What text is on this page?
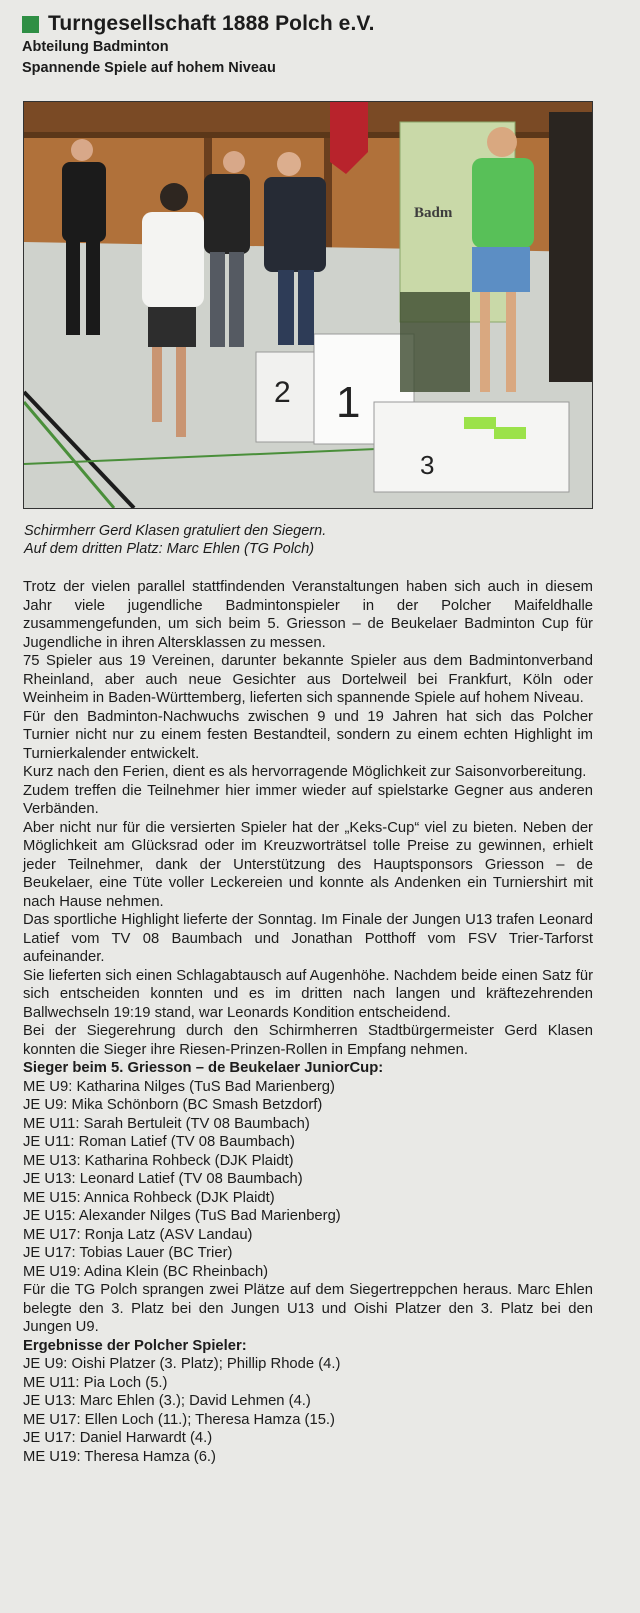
Turngesellschaft 1888 Polch e.V.
Abteilung Badminton
Spannende Spiele auf hohem Niveau
Badm
1
2
3
Schirmherr Gerd Klasen gratuliert den Siegern.
Auf dem dritten Platz: Marc Ehlen (TG Polch)

Trotz der vielen parallel stattfindenden Veranstaltungen haben sich auch in diesem Jahr viele jugendliche Badmintonspieler in der Polcher Maifeldhalle zusammengefunden, um sich beim 5. Griesson – de Beukelaer Badminton Cup für Jugendliche in ihren Altersklassen zu messen.

75 Spieler aus 19 Vereinen, darunter bekannte Spieler aus dem Badmintonverband Rheinland, aber auch neue Gesichter aus Dortelweil bei Frankfurt, Köln oder Weinheim in Baden-Württemberg, lieferten sich spannende Spiele auf hohem Niveau.

Für den Badminton-Nachwuchs zwischen 9 und 19 Jahren hat sich das Polcher Turnier nicht nur zu einem festen Bestandteil, sondern zu einem echten Highlight im Turnierkalender entwickelt.

Kurz nach den Ferien, dient es als hervorragende Möglichkeit zur Saisonvorbereitung.

Zudem treffen die Teilnehmer hier immer wieder auf spielstarke Gegner aus anderen Verbänden.

Aber nicht nur für die versierten Spieler hat der „Keks-Cup“ viel zu bieten. Neben der Möglichkeit am Glücksrad oder im Kreuzworträtsel tolle Preise zu gewinnen, erhielt jeder Teilnehmer, dank der Unterstützung des Hauptsponsors Griesson – de Beukelaer, eine Tüte voller Leckereien und konnte als Andenken ein Turniershirt mit nach Hause nehmen.

Das sportliche Highlight lieferte der Sonntag. Im Finale der Jungen U13 trafen Leonard Latief vom TV 08 Baumbach und Jonathan Potthoff vom FSV Trier-Tarforst aufeinander.

Sie lieferten sich einen Schlagabtausch auf Augenhöhe. Nachdem beide einen Satz für sich entscheiden konnten und es im dritten nach langen und kräftezehrenden Ballwechseln 19:19 stand, war Leonards Kondition entscheidend.

Bei der Siegerehrung durch den Schirmherren Stadtbürgermeister Gerd Klasen konnten die Sieger ihre Riesen-Prinzen-Rollen in Empfang nehmen.

Sieger beim 5. Griesson – de Beukelaer JuniorCup:

ME U9: Katharina Nilges (TuS Bad Marienberg)

JE U9: Mika Schönborn (BC Smash Betzdorf)

ME U11: Sarah Bertuleit (TV 08 Baumbach)

JE U11: Roman Latief (TV 08 Baumbach)

ME U13: Katharina Rohbeck (DJK Plaidt)

JE U13: Leonard Latief (TV 08 Baumbach)

ME U15: Annica Rohbeck (DJK Plaidt)

JE U15: Alexander Nilges (TuS Bad Marienberg)

ME U17: Ronja Latz (ASV Landau)

JE U17: Tobias Lauer (BC Trier)

ME U19: Adina Klein (BC Rheinbach)

Für die TG Polch sprangen zwei Plätze auf dem Siegertreppchen heraus. Marc Ehlen belegte den 3. Platz bei den Jungen U13 und Oishi Platzer den 3. Platz bei den Jungen U9.

Ergebnisse der Polcher Spieler:

JE U9: Oishi Platzer (3. Platz); Phillip Rhode (4.)

ME U11: Pia Loch (5.)

JE U13: Marc Ehlen (3.); David Lehmen (4.)

ME U17: Ellen Loch (11.); Theresa Hamza (15.)

JE U17: Daniel Harwardt (4.)

ME U19: Theresa Hamza (6.)
